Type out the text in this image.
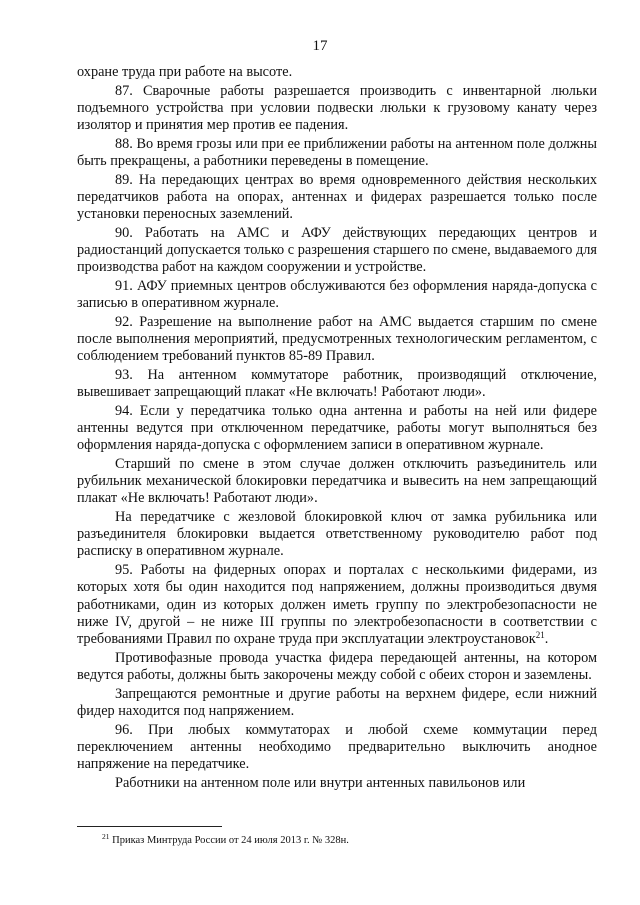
17

охране труда при работе на высоте.

87. Сварочные работы разрешается производить с инвентарной люльки подъемного устройства при условии подвески люльки к грузовому канату через изолятор и принятия мер против ее падения.

88. Во время грозы или при ее приближении работы на антенном поле должны быть прекращены, а работники переведены в помещение.

89. На передающих центрах во время одновременного действия нескольких передатчиков работа на опорах, антеннах и фидерах разрешается только после установки переносных заземлений.

90. Работать на АМС и АФУ действующих передающих центров и радиостанций допускается только с разрешения старшего по смене, выдаваемого для производства работ на каждом сооружении и устройстве.

91. АФУ приемных центров обслуживаются без оформления наряда-допуска с записью в оперативном журнале.

92. Разрешение на выполнение работ на АМС выдается старшим по смене после выполнения мероприятий, предусмотренных технологическим регламентом, с соблюдением требований пунктов 85-89 Правил.

93. На антенном коммутаторе работник, производящий отключение, вывешивает запрещающий плакат «Не включать! Работают люди».

94. Если у передатчика только одна антенна и работы на ней или фидере антенны ведутся при отключенном передатчике, работы могут выполняться без оформления наряда-допуска с оформлением записи в оперативном журнале.

Старший по смене в этом случае должен отключить разъединитель или рубильник механической блокировки передатчика и вывесить на нем запрещающий плакат «Не включать! Работают люди».

На передатчике с жезловой блокировкой ключ от замка рубильника или разъединителя блокировки выдается ответственному руководителю работ под расписку в оперативном журнале.

95. Работы на фидерных опорах и порталах с несколькими фидерами, из которых хотя бы один находится под напряжением, должны производиться двумя работниками, один из которых должен иметь группу по электробезопасности не ниже IV, другой – не ниже III группы по электробезопасности в соответствии с требованиями Правил по охране труда при эксплуатации электроустановок$^{21}$.

Противофазные провода участка фидера передающей антенны, на котором ведутся работы, должны быть закорочены между собой с обеих сторон и заземлены.

Запрещаются ремонтные и другие работы на верхнем фидере, если нижний фидер находится под напряжением.

96. При любых коммутаторах и любой схеме коммутации перед переключением антенны необходимо предварительно выключить анодное напряжение на передатчике.

Работники на антенном поле или внутри антенных павильонов или

$^{21}$ Приказ Минтруда России от 24 июля 2013 г. № 328н.
